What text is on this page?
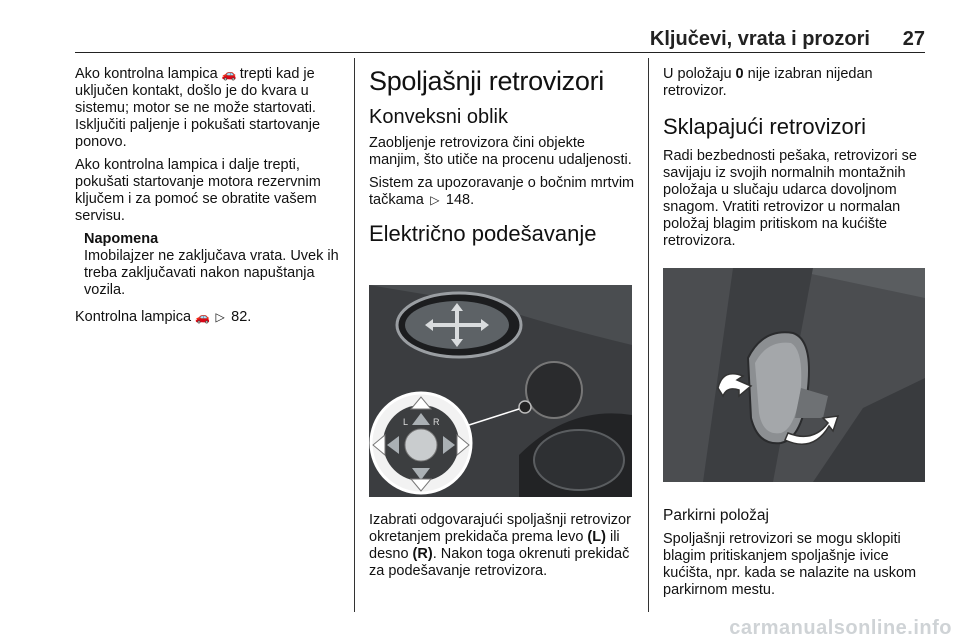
Ključevi, vrata i prozori 27

Ako kontrolna lampica 🚗 trepti kad je uključen kontakt, došlo je do kvara u sistemu; motor se ne može startovati. Isključiti paljenje i pokušati startovanje ponovo.

Ako kontrolna lampica i dalje trepti, pokušati startovanje motora rezervnim ključem i za pomoć se obratite vašem servisu.

Napomena

Imobilajzer ne zaključava vrata. Uvek ih treba zaključavati nakon napuštanja vozila.

Kontrolna lampica 🚗 ▷ 82.

Spoljašnji retrovizori
Konveksni oblik

Zaobljenje retrovizora čini objekte manjim, što utiče na procenu udaljenosti.

Sistem za upozoravanje o bočnim mrtvim tačkama ▷ 148.

Električno podešavanje
L	R

Izabrati odgovarajući spoljašnji retrovizor okretanjem prekidača prema levo (L) ili desno (R). Nakon toga okrenuti prekidač za podešavanje retrovizora.

U položaju 0 nije izabran nijedan retrovizor.

Sklapajući retrovizori

Radi bezbednosti pešaka, retrovizori se savijaju iz svojih normalnih montažnih položaja u slučaju udarca dovoljnom snagom. Vratiti retrovizor u normalan položaj blagim pritiskom na kućište retrovizora.

Parkirni položaj

Spoljašnji retrovizori se mogu sklopiti blagim pritiskanjem spoljašnje ivice kućišta, npr. kada se nalazite na uskom parkirnom mestu.

carmanualsonline.info
